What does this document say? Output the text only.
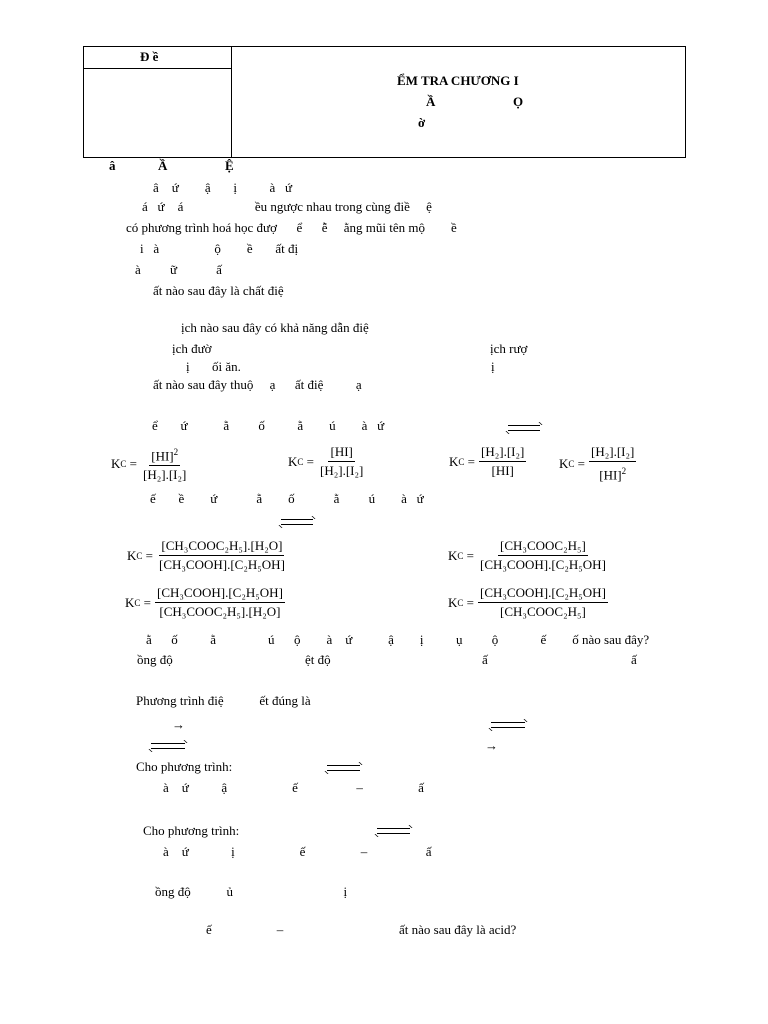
Đ ề
ỂM TRA CHƯƠNG I
Ầ	Ọ
ờ
â	Ầ	Ệ
â    ứ        ậ       ị          à   ứ
á   ứ    á                      ều ngược nhau trong cùng điề     ệ
có phương trình hoá học đượ      ể      ễ     ằng mũi tên mộ        ề
i   à                 ộ        ề       ất đị
à         ữ            ấ
ất nào sau đây là chất điệ
ịch nào sau đây có khả năng dẫn điệ
ịch đườ	ịch rượ
ị ối ăn.	ị
ất nào sau đây thuộ     ạ      ất điệ          ạ
ể       ứ           ằ         ố          ằ        ú        à   ứ
K $C = \frac{[HI]^2}{\text{[H₂].[I₂]}}$	K $C = \frac{[HI]}{\text{[H₂].[I₂]}}$	K $C = \frac{\text{[H₂].[I₂]}}{[HI]}$	K $C = \frac{\text{[H₂].[I₂]}}{[HI]^2}$
ế       ề        ứ            ằ        ố            ằ         ú        à   ứ
K $C = \frac{\text{[CH₃COOC₂H₅].[H₂O]}}{\text{[CH₃COOH].[C₂H₅OH]}}$	K $C = \frac{\text{[CH₃COOC₂H₅]}}{\text{[CH₃COOH].[C₂H₅OH]}}$
K $C = \frac{\text{[CH₃COOH].[C₂H₅OH]}}{\text{[CH₃COOC₂H₅].[H₂O]}}$	K $C = \frac{\text{[CH₃COOH].[C₂H₅OH]}}{\text{[CH₃COOC₂H₅]}}$
ằ      ố          ằ                ú      ộ        à    ứ           ậ        ị          ụ         ộ             ế        ố nào sau đây?
ồng độ	ệt độ	ấ	ấ
Phương trình điệ           ết đúng là
→
→
Cho phương trình:
à    ứ          ậ                    ế                  –                 ấ
Cho phương trình:
à    ứ             ị                    ế                 –                  ấ
ồng độ           ủ                                  ị
ế                    –	ất nào sau đây là acid?
